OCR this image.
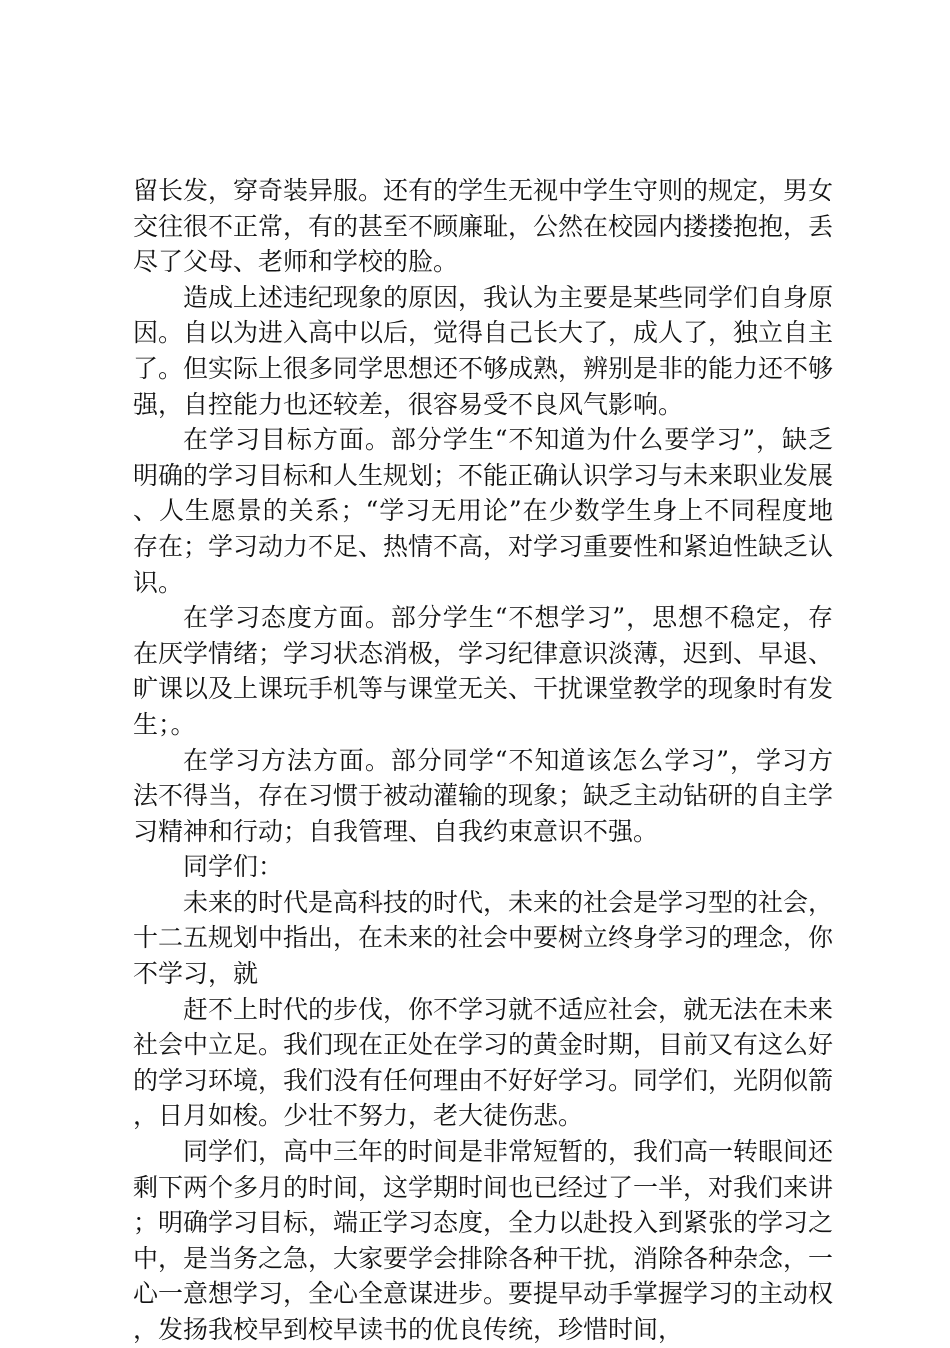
留长发，穿奇装异服。还有的学生无视中学生守则的规定，男女交往很不正常，有的甚至不顾廉耻，公然在校园内搂搂抱抱，丢尽了父母、老师和学校的脸。

造成上述违纪现象的原因，我认为主要是某些同学们自身原因。自以为进入高中以后，觉得自己长大了，成人了，独立自主了。但实际上很多同学思想还不够成熟，辨别是非的能力还不够强，自控能力也还较差，很容易受不良风气影响。

在学习目标方面。部分学生“不知道为什么要学习”，缺乏明确的学习目标和人生规划；不能正确认识学习与未来职业发展、人生愿景的关系；“学习无用论”在少数学生身上不同程度地存在；学习动力不足、热情不高，对学习重要性和紧迫性缺乏认识。

在学习态度方面。部分学生“不想学习”，思想不稳定，存在厌学情绪；学习状态消极，学习纪律意识淡薄，迟到、早退、旷课以及上课玩手机等与课堂无关、干扰课堂教学的现象时有发生；。

在学习方法方面。部分同学“不知道该怎么学习”，学习方法不得当，存在习惯于被动灌输的现象；缺乏主动钻研的自主学习精神和行动；自我管理、自我约束意识不强。

同学们：

未来的时代是高科技的时代，未来的社会是学习型的社会，十二五规划中指出，在未来的社会中要树立终身学习的理念，你不学习，就

赶不上时代的步伐，你不学习就不适应社会，就无法在未来社会中立足。我们现在正处在学习的黄金时期，目前又有这么好的学习环境，我们没有任何理由不好好学习。同学们，光阴似箭，日月如梭。少壮不努力，老大徒伤悲。

同学们，高中三年的时间是非常短暂的，我们高一转眼间还剩下两个多月的时间，这学期时间也已经过了一半，对我们来讲；明确学习目标，端正学习态度，全力以赴投入到紧张的学习之中，是当务之急，大家要学会排除各种干扰，消除各种杂念，一心一意想学习，全心全意谋进步。要提早动手掌握学习的主动权，发扬我校早到校早读书的优良传统，珍惜时间，
